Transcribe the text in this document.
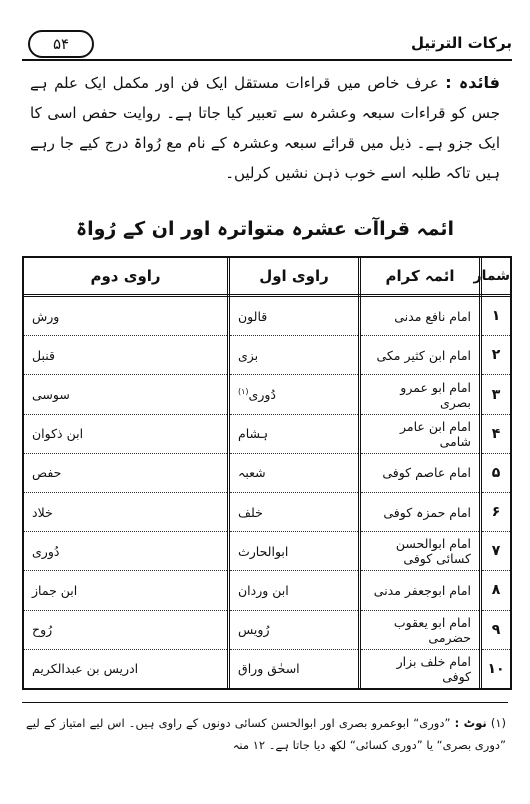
برکات الترتیل
۵۴
فائدہ : عرف خاص میں قراءات مستقل ایک فن اور مکمل ایک علم ہے جس کو قراءات سبعہ وعشرہ سے تعبیر کیا جاتا ہے۔ روایت حفص اسی کا ایک جزو ہے۔ ذیل میں قرائے سبعہ وعشرہ کے نام مع رُواۃ درج کیے جا رہے ہیں تاکہ طلبہ اسے خوب ذہن نشیں کرلیں۔
ائمہ قراآت عشرہ متواترہ اور ان کے رُواۃ
شمار	ائمہ کرام	راوی اول	راوی دوم
۱	امام نافع مدنی	قالون	ورش
۲	امام ابن کثیر مکی	بزی	قنبل
۳	امام ابو عمرو بصری	دُوری$^{(۱)}$	سوسی
۴	امام ابن عامر شامی	ہشام	ابن ذکوان
۵	امام عاصم کوفی	شعبہ	حفص
۶	امام حمزہ کوفی	خلف	خلاد
۷	امام ابوالحسن کسائی کوفی	ابوالحارث	دُوری
۸	امام ابوجعفر مدنی	ابن وردان	ابن جماز
۹	امام ابو یعقوب حضرمی	رُویس	رُوح
۱۰	امام خلف بزار کوفی	اسحٰق وراق	ادریس بن عبدالکریم
(۱) نوٹ : ”دوری“ ابوعمرو بصری اور ابوالحسن کسائی دونوں کے راوی ہیں۔ اس لیے امتیاز کے لیے ”دوری بصری“ یا ”دوری کسائی“ لکھ دیا جاتا ہے۔ ۱۲ منہ
